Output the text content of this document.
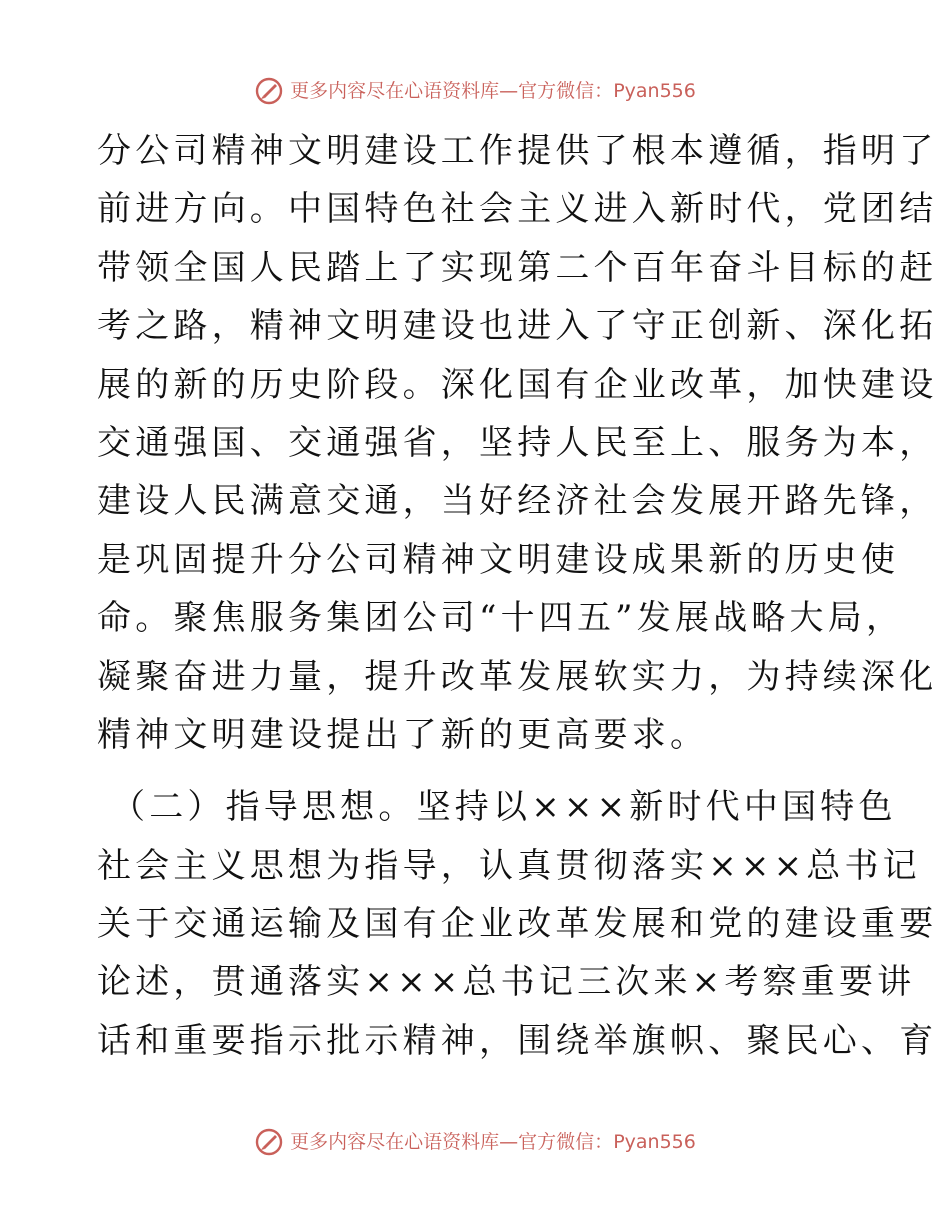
更多内容尽在心语资料库 — 官方微信： Pyan556

分公司精神文明建设工作提供了根本遵循，指明了
前进方向。中国特色社会主义进入新时代，党团结
带领全国人民踏上了实现第二个百年奋斗目标的赶
考之路，精神文明建设也进入了守正创新、深化拓
展的新的历史阶段。深化国有企业改革，加快建设
交通强国、交通强省，坚持人民至上、服务为本，
建设人民满意交通，当好经济社会发展开路先锋，
是巩固提升分公司精神文明建设成果新的历史使
命。聚焦服务集团公司“十四五”发展战略大局，
凝聚奋进力量，提升改革发展软实力，为持续深化
精神文明建设提出了新的更高要求。

（二）指导思想。坚持以×××新时代中国特色
社会主义思想为指导，认真贯彻落实×××总书记
关于交通运输及国有企业改革发展和党的建设重要
论述，贯通落实×××总书记三次来×考察重要讲
话和重要指示批示精神，围绕举旗帜、聚民心、育

更多内容尽在心语资料库 — 官方微信： Pyan556
